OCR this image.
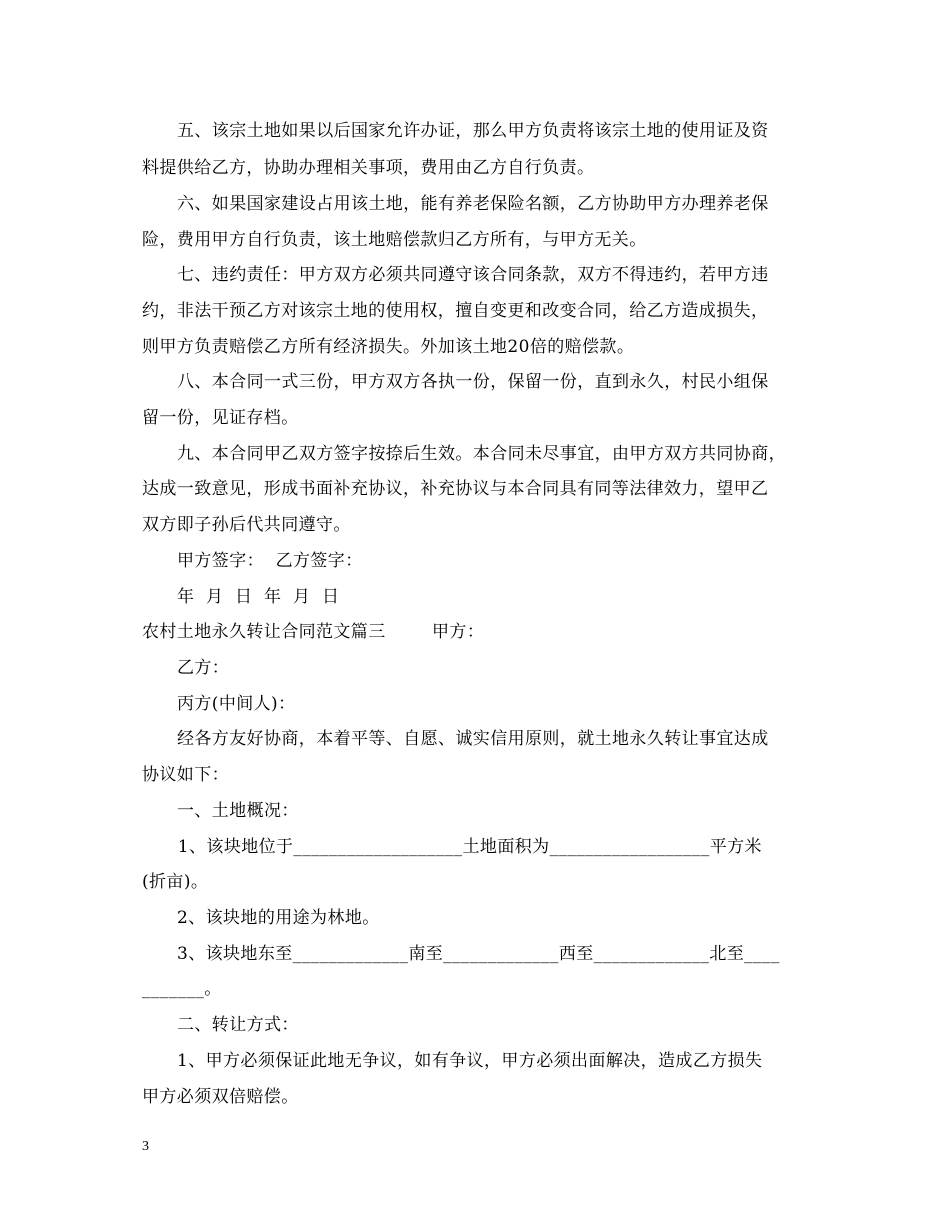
五、该宗土地如果以后国家允许办证，那么甲方负责将该宗土地的使用证及资
料提供给乙方，协助办理相关事项，费用由乙方自行负责。
六、如果国家建设占用该土地，能有养老保险名额，乙方协助甲方办理养老保
险，费用甲方自行负责，该土地赔偿款归乙方所有，与甲方无关。
七、违约责任：甲方双方必须共同遵守该合同条款，双方不得违约，若甲方违
约，非法干预乙方对该宗土地的使用权，擅自变更和改变合同，给乙方造成损失，
则甲方负责赔偿乙方所有经济损失。外加该土地20倍的赔偿款。
八、本合同一式三份，甲方双方各执一份，保留一份，直到永久，村民小组保
留一份，见证存档。
九、本合同甲乙双方签字按捺后生效。本合同未尽事宜，由甲方双方共同协商，
达成一致意见，形成书面补充协议，补充协议与本合同具有同等法律效力，望甲乙
双方即子孙后代共同遵守。
甲方签字：  乙方签字：
年  月  日  年  月  日
农村土地永久转让合同范文篇三        甲方：
乙方：
丙方(中间人)：
经各方友好协商，本着平等、自愿、诚实信用原则，就土地永久转让事宜达成
协议如下：
一、土地概况：
1、该块地位于___________________土地面积为__________________平方米
(折亩)。
2、该块地的用途为林地。
3、该块地东至_____________南至_____________西至_____________北至____
_______。
二、转让方式：
1、甲方必须保证此地无争议，如有争议，甲方必须出面解决，造成乙方损失
甲方必须双倍赔偿。
3
